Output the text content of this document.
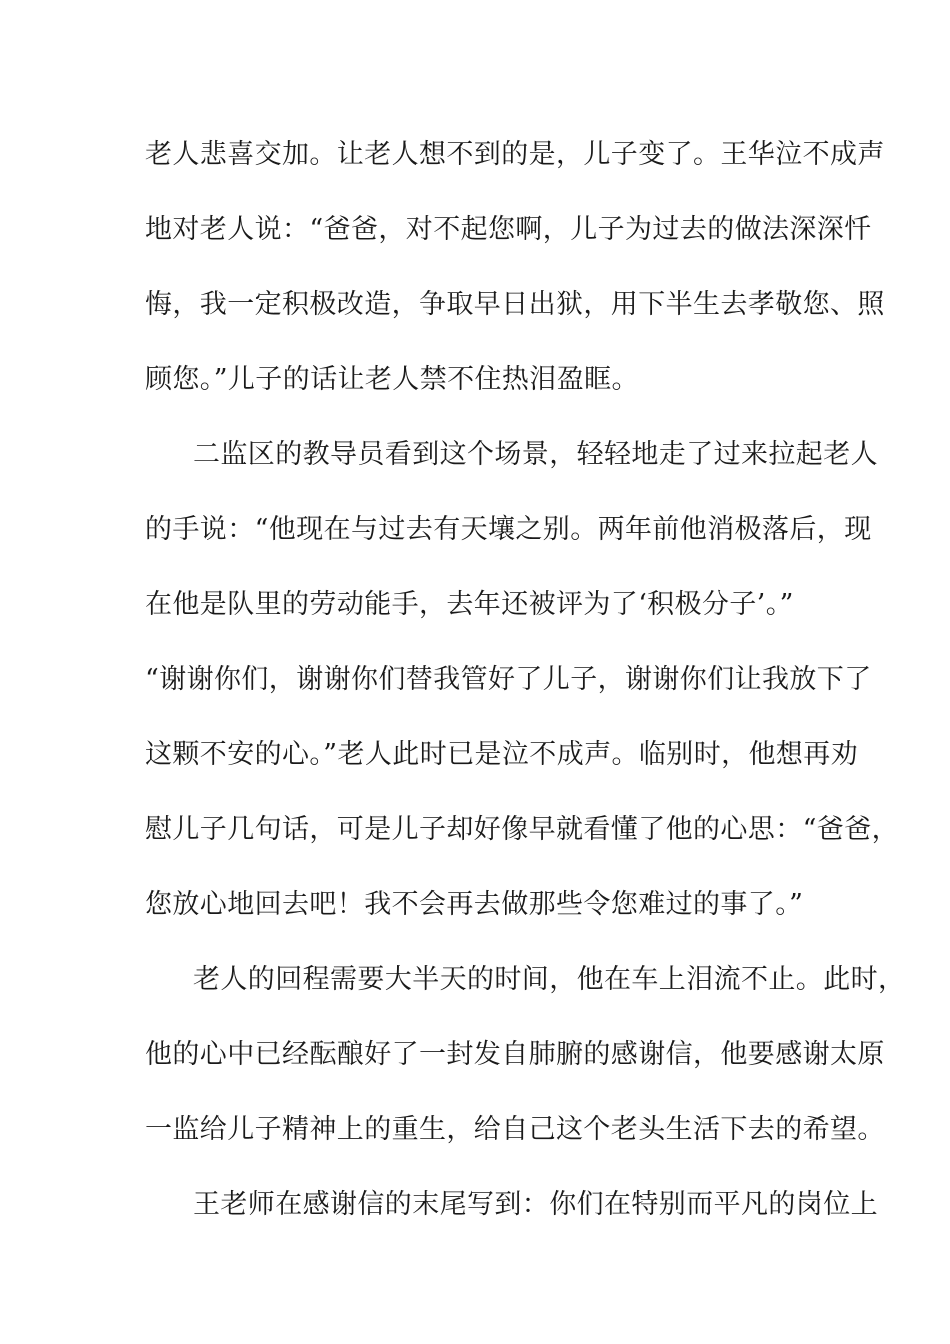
老人悲喜交加。让老人想不到的是，儿子变了。王华泣不成声
地对老人说：“爸爸，对不起您啊，儿子为过去的做法深深忏
悔，我一定积极改造，争取早日出狱，用下半生去孝敬您、照
顾您。”儿子的话让老人禁不住热泪盈眶。
二监区的教导员看到这个场景，轻轻地走了过来拉起老人
的手说：“他现在与过去有天壤之别。两年前他消极落后，现
在他是队里的劳动能手，去年还被评为了‘积极分子’。”
“谢谢你们，谢谢你们替我管好了儿子，谢谢你们让我放下了
这颗不安的心。”老人此时已是泣不成声。临别时，他想再劝
慰儿子几句话，可是儿子却好像早就看懂了他的心思：“爸爸，
您放心地回去吧！我不会再去做那些令您难过的事了。”
老人的回程需要大半天的时间，他在车上泪流不止。此时，
他的心中已经酝酿好了一封发自肺腑的感谢信，他要感谢太原
一监给儿子精神上的重生，给自己这个老头生活下去的希望。
王老师在感谢信的末尾写到：你们在特别而平凡的岗位上
